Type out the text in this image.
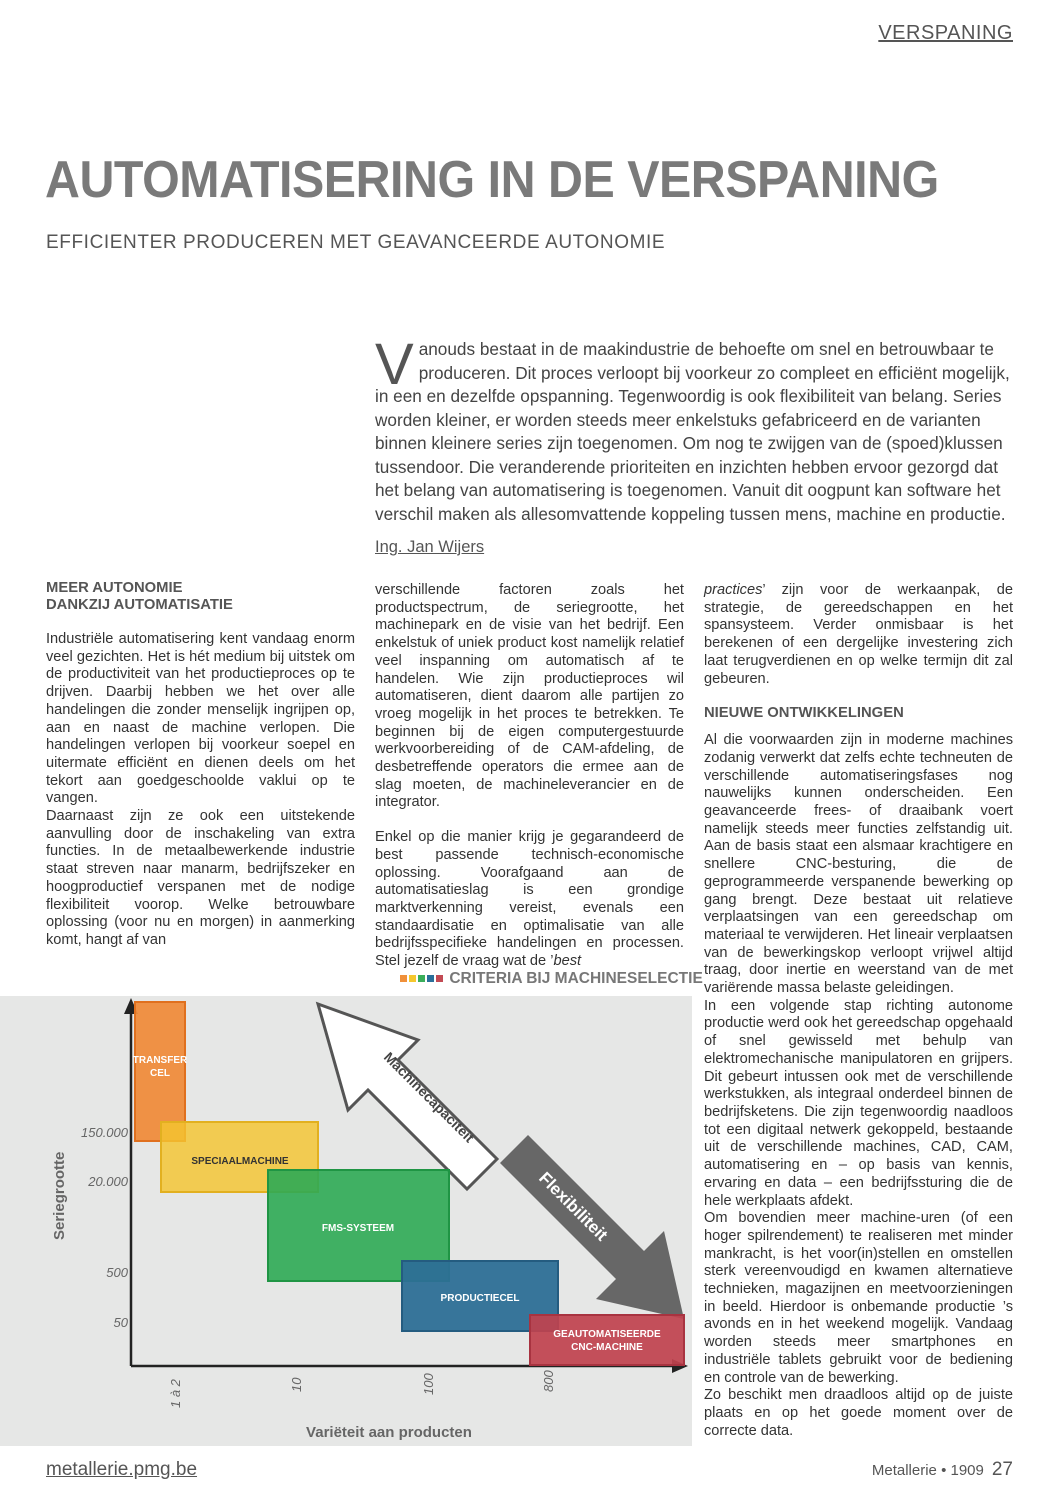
VERSPANING
AUTOMATISERING IN DE VERSPANING
EFFICIENTER PRODUCEREN MET GEAVANCEERDE AUTONOMIE
Vanouds bestaat in de maakindustrie de behoefte om snel en betrouwbaar te produceren. Dit proces verloopt bij voorkeur zo compleet en efficiënt mogelijk, in een en dezelfde opspanning. Tegenwoordig is ook flexibiliteit van belang. Series worden kleiner, er worden steeds meer enkelstuks gefabriceerd en de varianten binnen kleinere series zijn toegenomen. Om nog te zwijgen van de (spoed)klussen tussendoor. Die veranderende prioriteiten en inzichten hebben ervoor gezorgd dat het belang van automatisering is toegenomen. Vanuit dit oogpunt kan software het verschil maken als allesomvattende koppeling tussen mens, machine en productie.
Ing. Jan Wijers
MEER AUTONOMIE
DANKZIJ AUTOMATISATIE

Industriële automatisering kent vandaag enorm veel gezichten. Het is hét medium bij uitstek om de productiviteit van het productieproces op te drijven. Daarbij hebben we het over alle handelingen die zonder menselijk ingrijpen op, aan en naast de machine verlopen. Die handelingen verlopen bij voorkeur soepel en uitermate efficiënt en dienen deels om het tekort aan goedgeschoolde vaklui op te vangen.

Daarnaast zijn ze ook een uitstekende aanvulling door de inschakeling van extra functies. In de metaalbewerkende industrie staat streven naar manarm, bedrijfszeker en hoogproductief verspanen met de nodige flexibiliteit voorop. Welke betrouwbare oplossing (voor nu en morgen) in aanmerking komt, hangt af van

verschillende factoren zoals het productspectrum, de seriegrootte, het machinepark en de visie van het bedrijf. Een enkelstuk of uniek product kost namelijk relatief veel inspanning om automatisch af te handelen. Wie zijn productieproces wil automatiseren, dient daarom alle partijen zo vroeg mogelijk in het proces te betrekken. Te beginnen bij de eigen computergestuurde werkvoorbereiding of de CAM-afdeling, de desbetreffende operators die ermee aan de slag moeten, de machineleverancier en de integrator.

Enkel op die manier krijg je gegarandeerd de best passende technisch-economische oplossing. Voorafgaand aan de automatisatieslag is een grondige marktverkenning vereist, evenals een standaardisatie en optimalisatie van alle bedrijfsspecifieke handelingen en processen. Stel jezelf de vraag wat de ’best

practices’ zijn voor de werkaanpak, de strategie, de gereedschappen en het spansysteem. Verder onmisbaar is het berekenen of een dergelijke investering zich laat terugverdienen en op welke termijn dit zal gebeuren.

NIEUWE ONTWIKKELINGEN

Al die voorwaarden zijn in moderne machines zodanig verwerkt dat zelfs echte techneuten de verschillende automatiseringsfases nog nauwelijks kunnen onderscheiden. Een geavanceerde frees- of draaibank voert namelijk steeds meer functies zelfstandig uit. Aan de basis staat een alsmaar krachtigere en snellere CNC-besturing, die de geprogrammeerde verspanende bewerking op gang brengt. Deze bestaat uit relatieve verplaatsingen van een gereedschap om materiaal te verwijderen. Het lineair verplaatsen van de bewerkingskop verloopt vrijwel altijd traag, door inertie en weerstand van de met variërende massa belaste geleidingen.

In een volgende stap richting autonome productie werd ook het gereedschap opgehaald of snel gewisseld met behulp van elektromechanische manipulatoren en grijpers. Dit gebeurt intussen ook met de verschillende werkstukken, als integraal onderdeel binnen de bedrijfsketens. Die zijn tegenwoordig naadloos tot een digitaal netwerk gekoppeld, bestaande uit de verschillende machines, CAD, CAM, automatisering en – op basis van kennis, ervaring en data – een bedrijfssturing die de hele werkplaats afdekt.

Om bovendien meer machine-uren (of een hoger spilrendement) te realiseren met minder mankracht, is het voor(in)stellen en omstellen sterk vereenvoudigd en kwamen alternatieve technieken, magazijnen en meetvoorzieningen in beeld. Hierdoor is onbemande productie ’s avonds en in het weekend mogelijk. Vandaag worden steeds meer smartphones en industriële tablets gebruikt voor de bediening en controle van de bewerking.

Zo beschikt men draadloos altijd op de juiste plaats en op het goede moment over de correcte data.

CRITERIA BIJ MACHINESELECTIE
150.000
20.000
500
50
1 à 2	10	100	800
Seriegrootte
Variëteit aan producten
Machinecapaciteit
Flexibiliteit
TRANSFER
CEL
SPECIAALMACHINE
FMS-SYSTEEM
PRODUCTIECEL
GEAUTOMATISEERDE
CNC-MACHINE
metallerie.pmg.be	Metallerie • 1909 27
